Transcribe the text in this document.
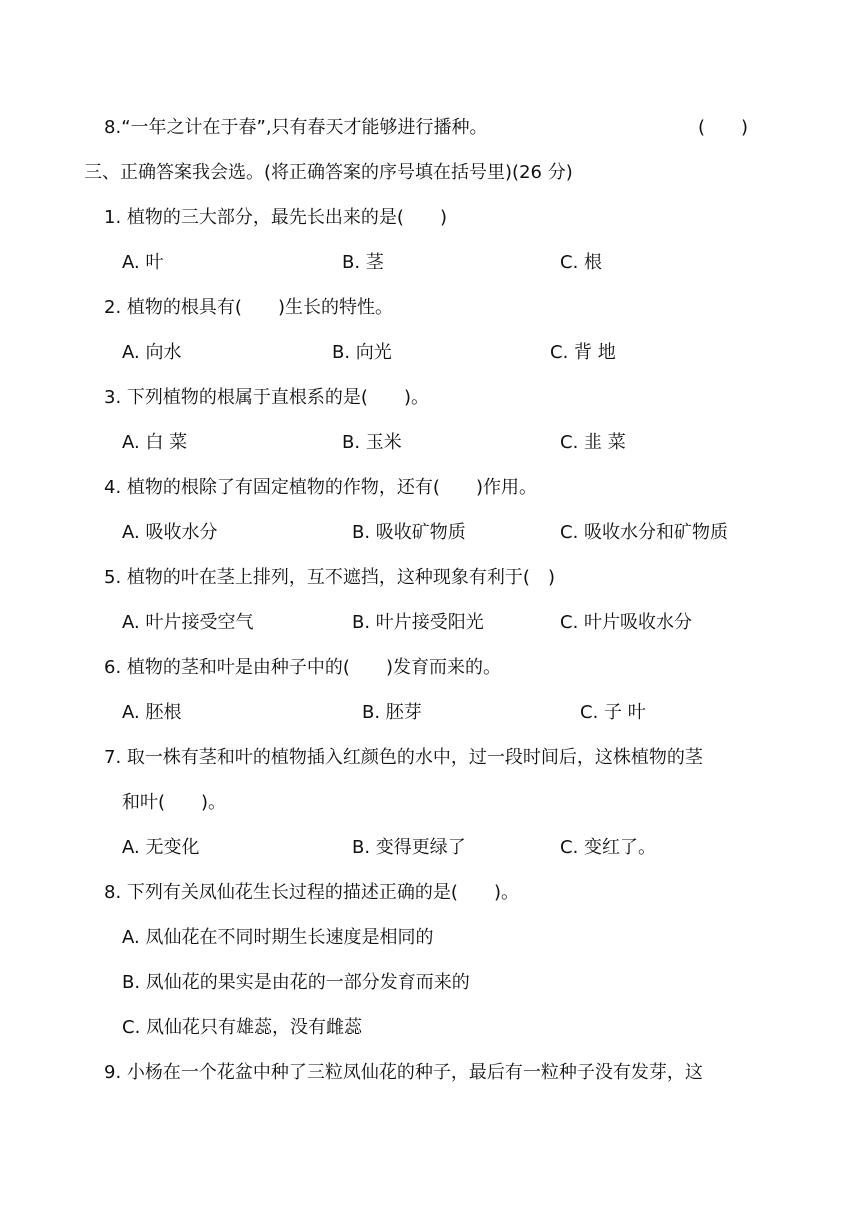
8.“一年之计在于春”,只有春天才能够进行播种。	(　　)
三、正确答案我会选。(将正确答案的序号填在括号里)(26 分)
1. 植物的三大部分，最先长出来的是(　　)
A. 叶	B. 茎	C. 根
2. 植物的根具有(　　)生长的特性。
A. 向水	B. 向光	C. 背 地
3. 下列植物的根属于直根系的是(　　)。
A. 白 菜	B. 玉米	C. 韭 菜
4. 植物的根除了有固定植物的作物，还有(　　)作用。
A. 吸收水分	B. 吸收矿物质	C. 吸收水分和矿物质
5. 植物的叶在茎上排列，互不遮挡，这种现象有利于(　)
A. 叶片接受空气	B. 叶片接受阳光	C. 叶片吸收水分
6. 植物的茎和叶是由种子中的(　　)发育而来的。
A. 胚根	B. 胚芽	C. 子 叶
7. 取一株有茎和叶的植物插入红颜色的水中，过一段时间后，这株植物的茎
和叶(　　)。
A. 无变化	B. 变得更绿了	C. 变红了。
8. 下列有关凤仙花生长过程的描述正确的是(　　)。
A. 凤仙花在不同时期生长速度是相同的
B. 凤仙花的果实是由花的一部分发育而来的
C. 凤仙花只有雄蕊，没有雌蕊
9. 小杨在一个花盆中种了三粒凤仙花的种子，最后有一粒种子没有发芽，这
